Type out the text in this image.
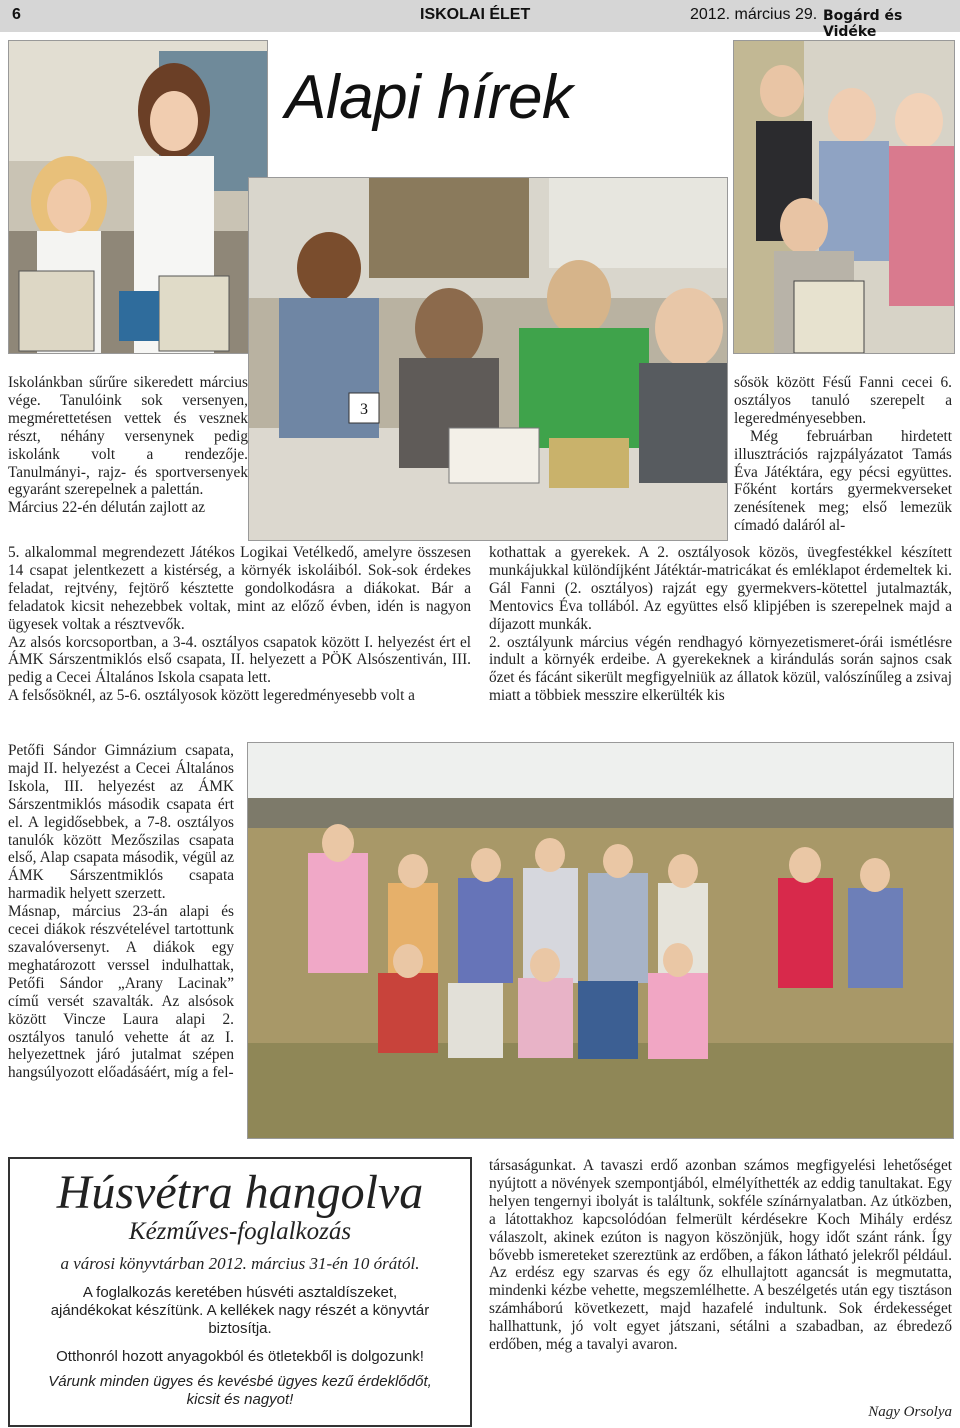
6	ISKOLAI ÉLET	2012. március 29. Bogárd és Vidéke
Alapi hírek
3

Iskolánkban sűrűre sikeredett március vége. Tanulóink sok versenyen, megmérettetésen vettek és vesznek részt, néhány versenynek pedig iskolánk volt a rendezője. Tanulmányi-, rajz- és sportversenyek egyaránt szerepelnek a palettán.

Március 22-én délután zajlott az

5. alkalommal megrendezett Játékos Logikai Vetélkedő, amelyre összesen 14 csapat jelentkezett a kistérség, a környék iskoláiból. Sok-sok érdekes feladat, rejtvény, fejtörő késztette gondolkodásra a diákokat. Bár a feladatok kicsit nehezebbek voltak, mint az előző évben, idén is nagyon ügyesek voltak a résztvevők.

Az alsós korcsoportban, a 3-4. osztályos csapatok között I. helyezést ért el ÁMK Sárszentmiklós első csapata, II. helyezett a PÖK Alsószentiván, III. pedig a Cecei Általános Iskola csapata lett.

A felsősöknél, az 5-6. osztályosok között legeredményesebb volt a

Petőfi Sándor Gimnázium csapata, majd II. helyezést a Cecei Általános Iskola, III. helyezést az ÁMK Sárszentmiklós második csapata ért el. A legidősebbek, a 7-8. osztályos tanulók között Mezőszilas csapata első, Alap csapata második, végül az ÁMK Sárszentmiklós csapata harmadik helyett szerzett.

Másnap, március 23-án alapi és cecei diákok részvételével tartottunk szavalóversenyt. A diákok egy meghatározott verssel indulhattak, Petőfi Sándor „Arany Lacinak” című versét szavalták. Az alsósok között Vincze Laura alapi 2. osztályos tanuló vehette át az I. helyezettnek járó jutalmat szépen hangsúlyozott előadásáért, míg a fel-

sősök között Fésű Fanni cecei 6. osztályos tanuló szerepelt a legeredményesebben.

Még februárban hirdetett illusztrációs rajzpályázatot Tamás Éva Játéktára, egy pécsi együttes. Főként kortárs gyermekverseket zenésítenek meg; első lemezük címadó daláról al-

kothattak a gyerekek. A 2. osztályosok közös, üvegfestékkel készített munkájukkal különdíjként Játéktár-matricákat és emléklapot érdemeltek ki. Gál Fanni (2. osztályos) rajzát egy gyermekvers-kötettel jutalmazták, Mentovics Éva tollából. Az együttes első klipjében is szerepelnek majd a díjazott munkák.

2. osztályunk március végén rendhagyó környezetismeret-órái ismétlésre indult a környék erdeibe. A gyerekeknek a kirándulás során sajnos csak őzet és fácánt sikerült megfigyelniük az állatok közül, valószínűleg a zsivaj miatt a többiek messzire elkerülték kis

Húsvétra hangolva
Kézműves-foglalkozás
a városi könyvtárban 2012. március 31-én 10 órától.
A foglalkozás keretében húsvéti asztaldíszeket, ajándékokat készítünk. A kellékek nagy részét a könyvtár biztosítja.
Otthonról hozott anyagokból és ötletekből is dolgozunk!
Várunk minden ügyes és kevésbé ügyes kezű érdeklődőt, kicsit és nagyot!

társaságunkat. A tavaszi erdő azonban számos megfigyelési lehetőséget nyújtott a növények szempontjából, elmélyíthették az eddig tanultakat. Egy helyen tengernyi ibolyát is találtunk, sokféle színárnyalatban. Az útközben, a látottakhoz kapcsolódóan felmerült kérdésekre Koch Mihály erdész válaszolt, akinek ezúton is nagyon köszönjük, hogy időt szánt ránk. Így bővebb ismereteket szereztünk az erdőben, a fákon látható jelekről például. Az erdész egy szarvas és egy őz elhullajtott agancsát is megmutatta, mindenki kézbe vehette, megszemlélhette. A beszélgetés után egy tisztáson számháború következett, majd hazafelé indultunk. Sok érdekességet hallhattunk, jó volt egyet játszani, sétálni a szabadban, az ébredező erdőben, még a tavalyi avaron.

Nagy Orsolya
